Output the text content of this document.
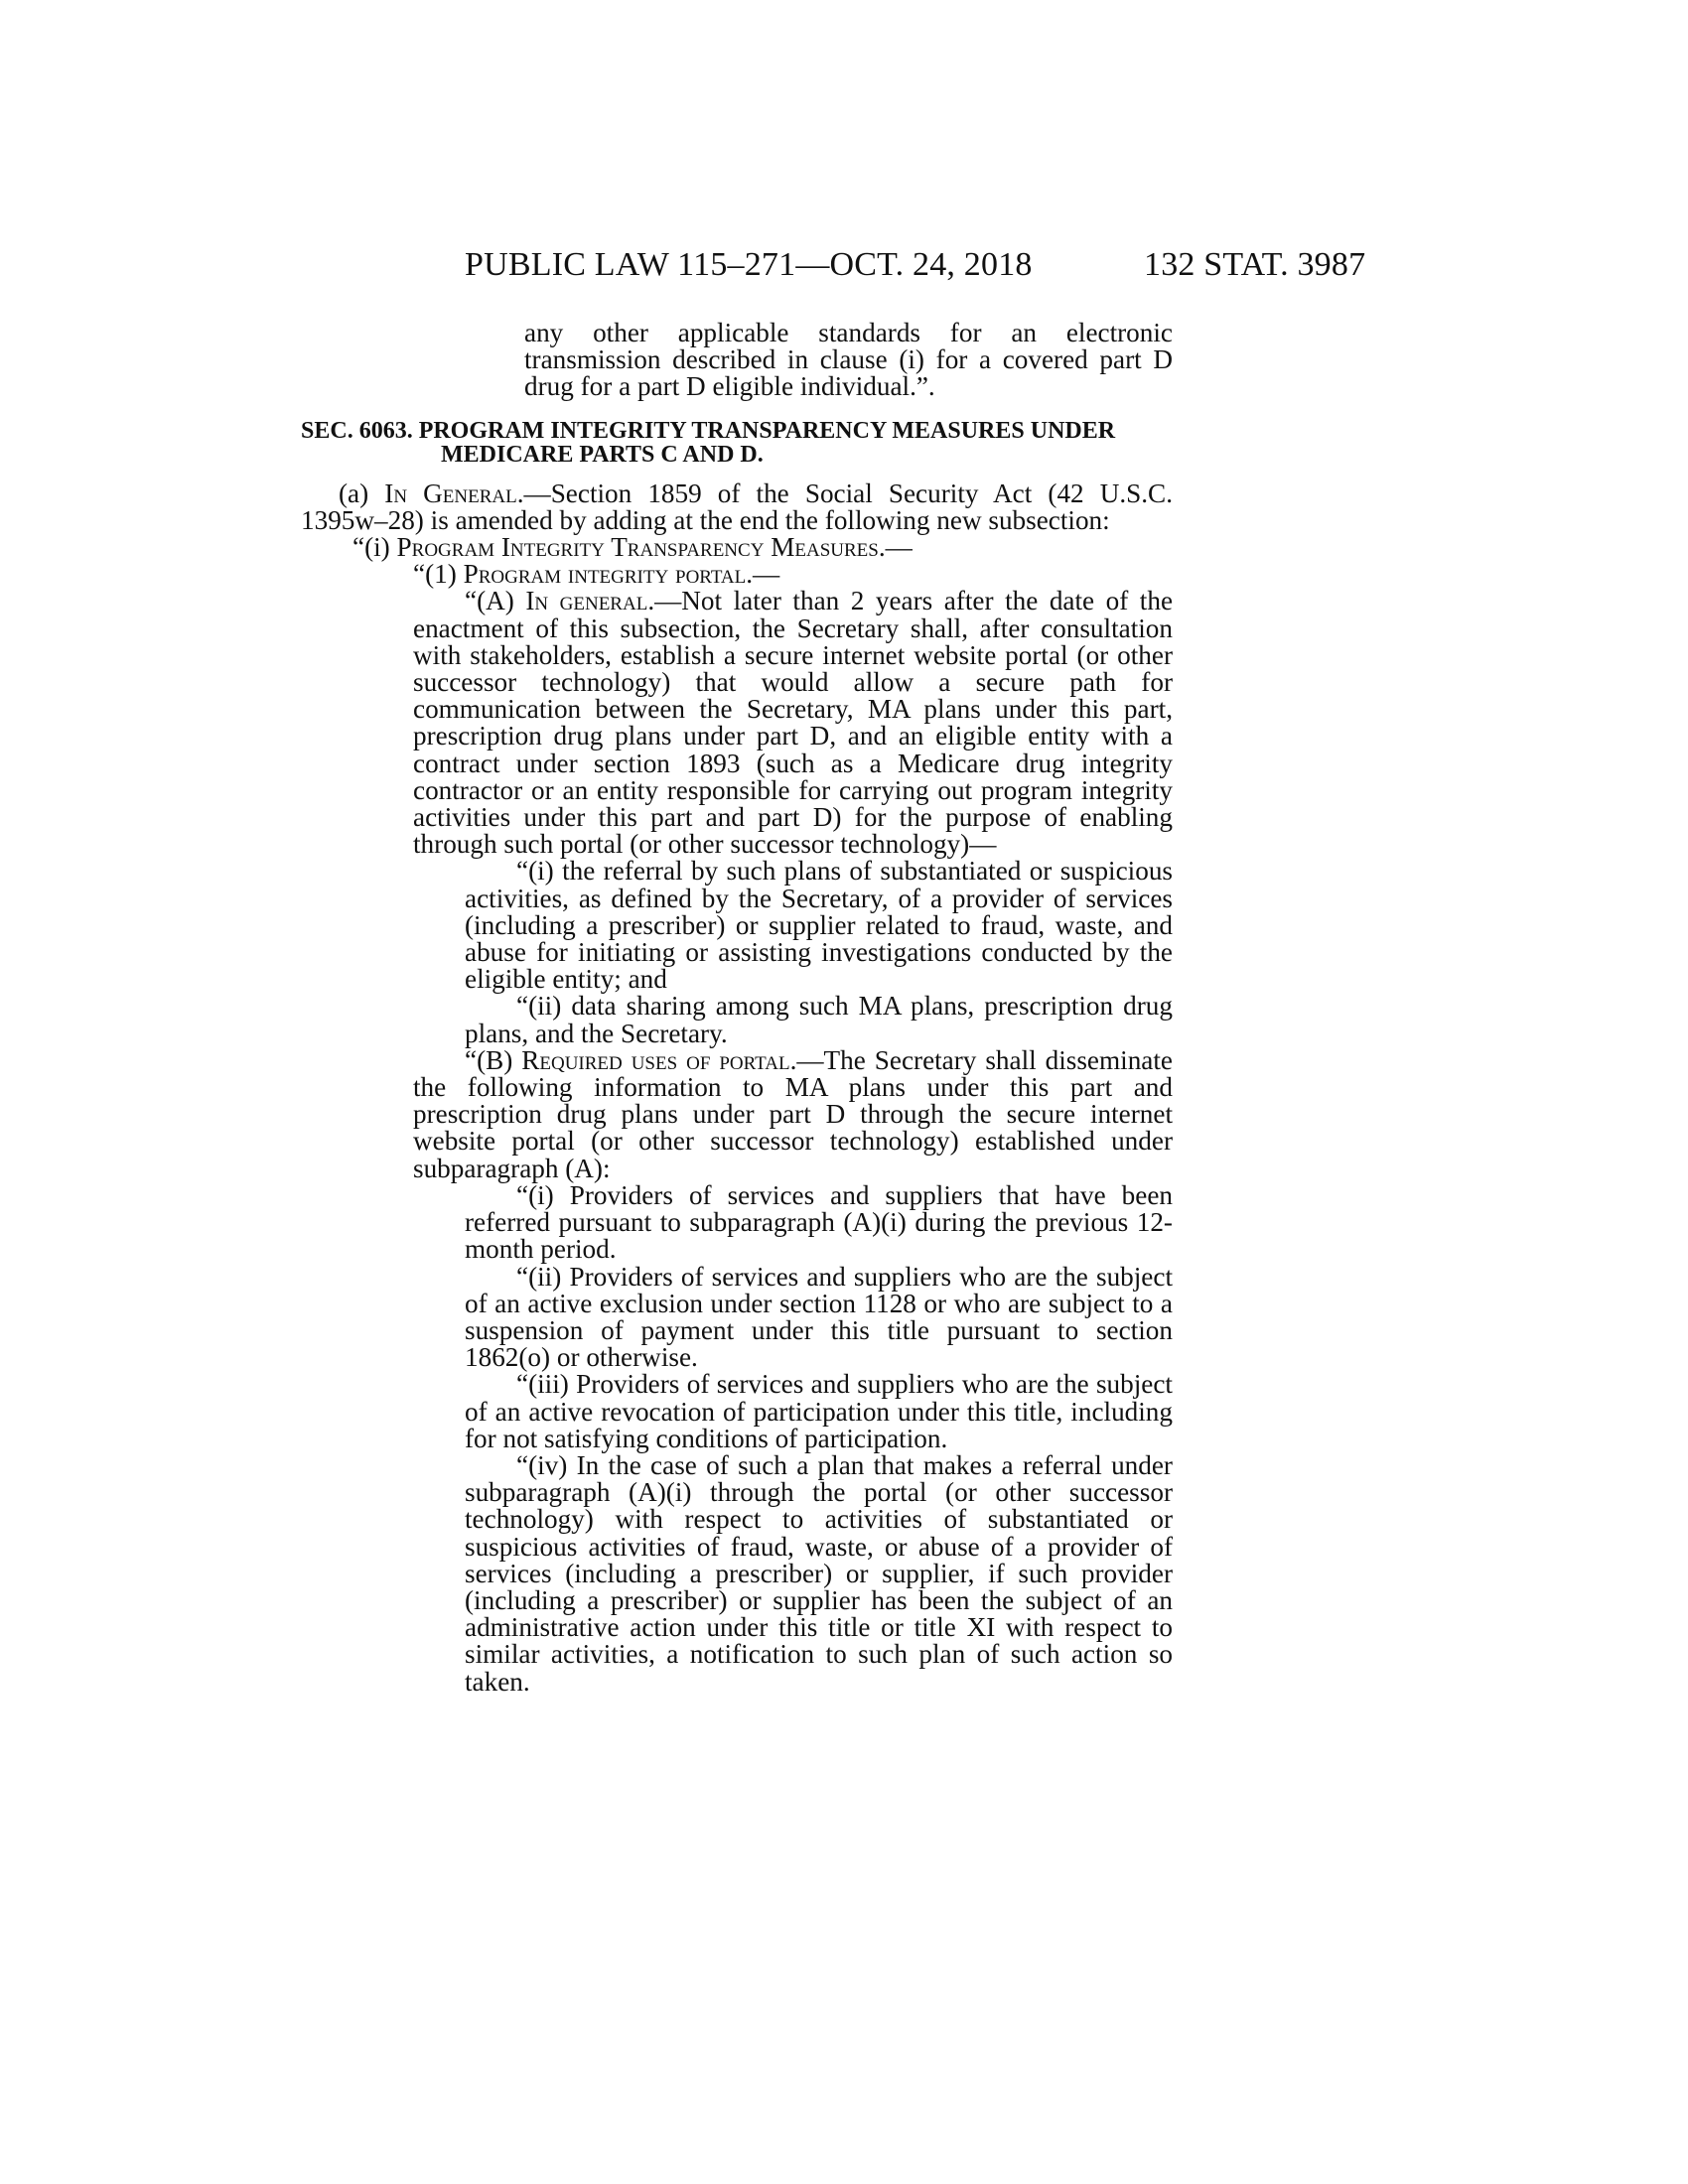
PUBLIC LAW 115–271—OCT. 24, 2018	132 STAT. 3987

any other applicable standards for an electronic transmission described in clause (i) for a covered part D drug for a part D eligible individual.”.

SEC. 6063. PROGRAM INTEGRITY TRANSPARENCY MEASURES UNDER
MEDICARE PARTS C AND D.

(a) In General.—Section 1859 of the Social Security Act (42 U.S.C. 1395w–28) is amended by adding at the end the following new subsection:

“(i) Program Integrity Transparency Measures.—

“(1) Program integrity portal.—

“(A) In general.—Not later than 2 years after the date of the enactment of this subsection, the Secretary shall, after consultation with stakeholders, establish a secure internet website portal (or other successor technology) that would allow a secure path for communication between the Secretary, MA plans under this part, prescription drug plans under part D, and an eligible entity with a contract under section 1893 (such as a Medicare drug integrity contractor or an entity responsible for carrying out program integrity activities under this part and part D) for the purpose of enabling through such portal (or other successor technology)—

“(i) the referral by such plans of substantiated or suspicious activities, as defined by the Secretary, of a provider of services (including a prescriber) or supplier related to fraud, waste, and abuse for initiating or assisting investigations conducted by the eligible entity; and

“(ii) data sharing among such MA plans, prescription drug plans, and the Secretary.

“(B) Required uses of portal.—The Secretary shall disseminate the following information to MA plans under this part and prescription drug plans under part D through the secure internet website portal (or other successor technology) established under subparagraph (A):

“(i) Providers of services and suppliers that have been referred pursuant to subparagraph (A)(i) during the previous 12-month period.

“(ii) Providers of services and suppliers who are the subject of an active exclusion under section 1128 or who are subject to a suspension of payment under this title pursuant to section 1862(o) or otherwise.

“(iii) Providers of services and suppliers who are the subject of an active revocation of participation under this title, including for not satisfying conditions of participation.

“(iv) In the case of such a plan that makes a referral under subparagraph (A)(i) through the portal (or other successor technology) with respect to activities of substantiated or suspicious activities of fraud, waste, or abuse of a provider of services (including a prescriber) or supplier, if such provider (including a prescriber) or supplier has been the subject of an administrative action under this title or title XI with respect to similar activities, a notification to such plan of such action so taken.
